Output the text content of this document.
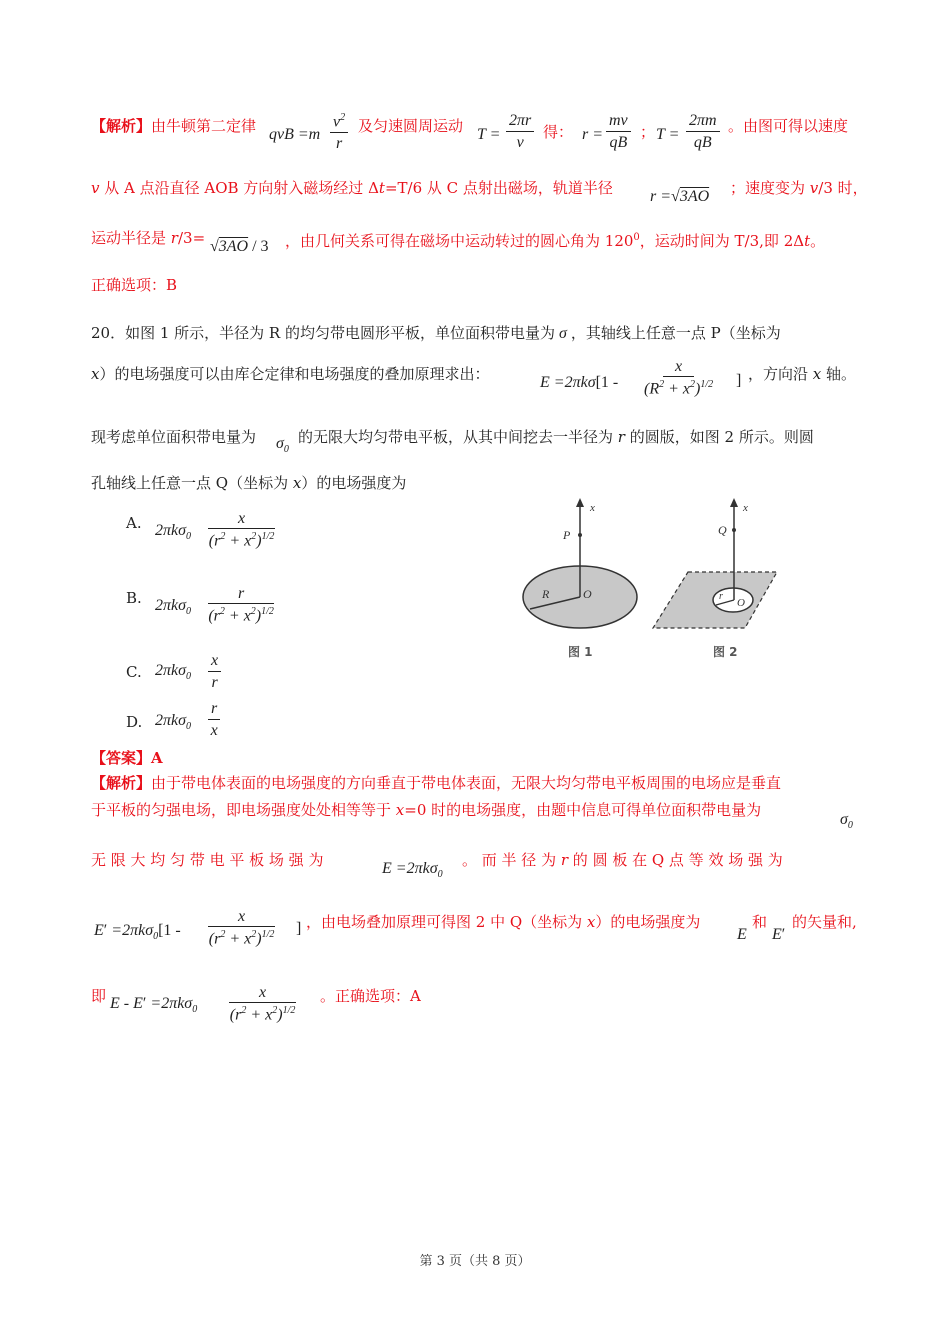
【解析】由牛顿第二定律 qvB $=m \frac{v^2}{r}$ 及匀速圆周运动 $T = \frac{2\pi r}{v}$ 得： $r = \frac{mv}{qB}$ ； $T = \frac{2\pi m}{qB}$ 。由图可得以速度
v 从 A 点沿直径 AOB 方向射入磁场经过 Δt=T/6 从 C 点射出磁场，轨道半径 r =√3AO ；速度变为 v/3 时，
运动半径是 r/3= √3AO / 3 ，由几何关系可得在磁场中运动转过的圆心角为 $120^0$，运动时间为 T/3,即 2Δt。
正确选项：B
20．如图 1 所示，半径为 R 的均匀带电圆形平板，单位面积带电量为 σ ，其轴线上任意一点 P（坐标为
x）的电场强度可以由库仑定律和电场强度的叠加原理求出：	$E =2\pi k\sigma[1 - \frac{x}{(R^2 + x^2)^{1/2}}$ ] ，方向沿 x 轴。
现考虑单位面积带电量为 $\sigma_0$
的无限大均匀带电平板，从其中间挖去一半径为 r 的圆版，如图 2 所示。则圆
孔轴线上任意一点 Q（坐标为 x）的电场强度为
A. $2\pi k\sigma_0 \frac{x}{(r^2 + x^2)^{1/2}}$
B. $2\pi k\sigma_0 \frac{r}{(r^2 + x^2)^{1/2}}$
C. $2\pi k\sigma_0 \frac{x}{r}$
D. $2\pi k\sigma_0 \frac{r}{x}$
x
P
R	O
图 1
x
Q
r
O
图 2
【答案】A
【解析】由于带电体表面的电场强度的方向垂直于带电体表面，无限大均匀带电平板周围的电场应是垂直
于平板的匀强电场，即电场强度处处相等等于 x=0 时的电场强度，由题中信息可得单位面积带电量为
$\sigma_0$
无 限 大 均 匀 带 电 平 板 场 强 为	E =2πkσ$_0$
。 而 半 径 为 r 的 圆 板 在 Q 点 等 效 场 强 为
$E' =2\pi k\sigma_0[1 - \frac{x}{(r^2 + x^2)^{1/2}}$ ] ，由电场叠加原理可得图 2 中 Q（坐标为 x）的电场强度为
E
和
E′
的矢量和,
即 $E - E' =2\pi k\sigma_0 \frac{x}{(r^2 + x^2)^{1/2}}$ 。正确选项：A
第 3 页（共 8 页）
